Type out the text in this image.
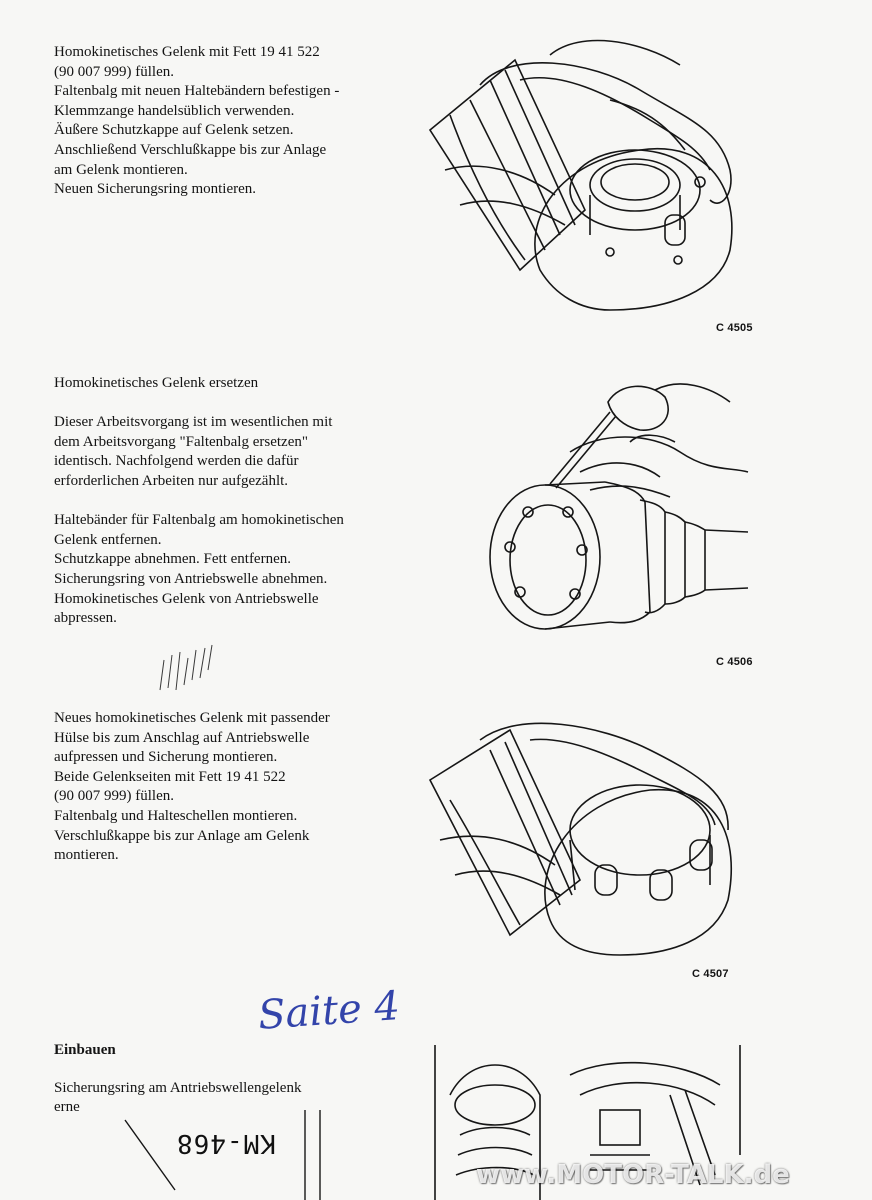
Homokinetisches Gelenk mit Fett 19 41 522
(90 007 999) füllen.
Faltenbalg mit neuen Haltebändern befestigen -
Klemmzange handelsüblich verwenden.
Äußere Schutzkappe auf Gelenk setzen.
Anschließend Verschlußkappe bis zur Anlage
am Gelenk montieren.
Neuen Sicherungsring montieren.
C 4505
Homokinetisches Gelenk ersetzen
Dieser Arbeitsvorgang ist im wesentlichen mit
dem Arbeitsvorgang "Faltenbalg ersetzen"
identisch. Nachfolgend werden die dafür
erforderlichen Arbeiten nur aufgezählt.
Haltebänder für Faltenbalg am homokinetischen
Gelenk entfernen.
Schutzkappe abnehmen. Fett entfernen.
Sicherungsring von Antriebswelle abnehmen.
Homokinetisches Gelenk von Antriebswelle
abpressen.
C 4506
Neues homokinetisches Gelenk mit passender
Hülse bis zum Anschlag auf Antriebswelle
aufpressen und Sicherung montieren.
Beide Gelenkseiten mit Fett 19 41 522
(90 007 999) füllen.
Faltenbalg und Halteschellen montieren.
Verschlußkappe bis zur Anlage am Gelenk
montieren.
C 4507
Saite 4
Einbauen
Sicherungsring am Antriebswellengelenk
erne
KM-468
www.MOTOR-TALK.de
